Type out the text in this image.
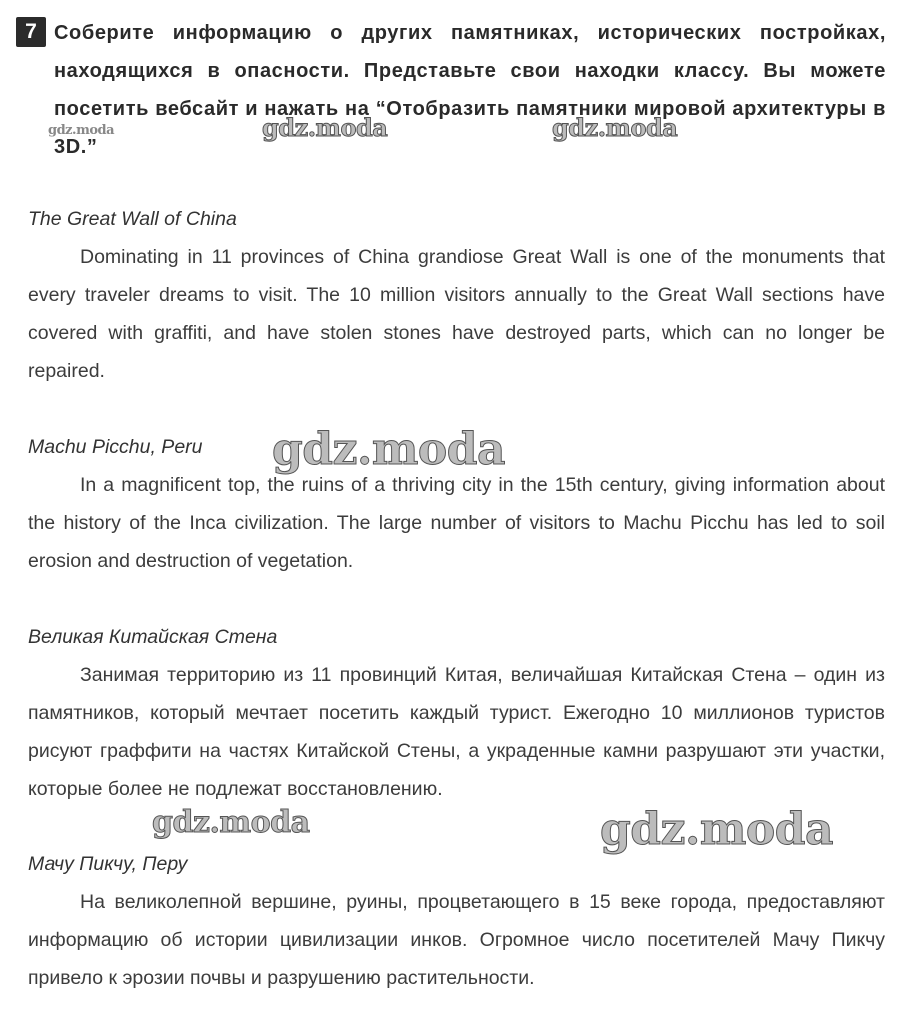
7 Соберите информацию о других памятниках, исторических постройках, находящихся в опасности. Представьте свои находки классу. Вы можете посетить вебсайт и нажать на “Отобразить памятники мировой архитектуры в 3D.”

The Great Wall of China

Dominating in 11 provinces of China grandiose Great Wall is one of the monuments that every traveler dreams to visit. The 10 million visitors annually to the Great Wall sections have covered with graffiti, and have stolen stones have destroyed parts, which can no longer be repaired.

Machu Picchu, Peru

In a magnificent top, the ruins of a thriving city in the 15th century, giving information about the history of the Inca civilization. The large number of visitors to Machu Picchu has led to soil erosion and destruction of vegetation.

Великая Китайская Стена

Занимая территорию из 11 провинций Китая, величайшая Китайская Стена – один из памятников, который мечтает посетить каждый турист. Ежегодно 10 миллионов туристов рисуют граффити на частях Китайской Стены, а украденные камни разрушают эти участки, которые более не подлежат восстановлению.

Мачу Пикчу, Перу

На великолепной вершине, руины, процветающего в 15 веке города, предоставляют информацию об истории цивилизации инков. Огромное число посетителей Мачу Пикчу привело к эрозии почвы и разрушению растительности.

gdz.moda	gdz.moda	gdz.moda
gdz.moda
gdz.moda	gdz.moda
